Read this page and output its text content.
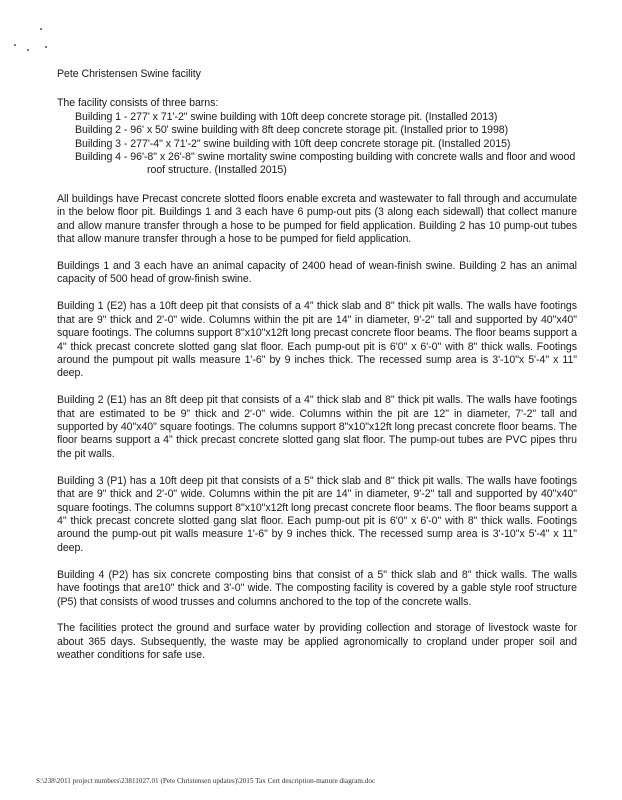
Pete Christensen Swine facility

The facility consists of three barns:

Building 1 - 277' x 71'-2" swine building with 10ft deep concrete storage pit. (Installed 2013)
Building 2 - 96' x 50' swine building with 8ft deep concrete storage pit. (Installed prior to 1998)
Building 3 - 277'-4" x 71'-2" swine building with 10ft deep concrete storage pit. (Installed 2015)
Building 4 - 96'-8" x 26'-8" swine mortality swine composting building with concrete walls and floor and wood roof structure. (Installed 2015)

All buildings have Precast concrete slotted floors enable excreta and wastewater to fall through and accumulate in the below floor pit. Buildings 1 and 3 each have 6 pump-out pits (3 along each sidewall) that collect manure and allow manure transfer through a hose to be pumped for field application. Building 2 has 10 pump-out tubes that allow manure transfer through a hose to be pumped for field application.

Buildings 1 and 3 each have an animal capacity of 2400 head of wean-finish swine. Building 2 has an animal capacity of 500 head of grow-finish swine.

Building 1 (E2) has a 10ft deep pit that consists of a 4" thick slab and 8" thick pit walls. The walls have footings that are 9" thick and 2'-0" wide. Columns within the pit are 14" in diameter, 9'-2" tall and supported by 40"x40" square footings. The columns support 8"x10"x12ft long precast concrete floor beams. The floor beams support a 4" thick precast concrete slotted gang slat floor. Each pump-out pit is 6'0" x 6'-0" with 8" thick walls. Footings around the pumpout pit walls measure 1'-6" by 9 inches thick. The recessed sump area is 3'-10"x 5'-4" x 11" deep.

Building 2 (E1) has an 8ft deep pit that consists of a 4" thick slab and 8" thick pit walls. The walls have footings that are estimated to be 9" thick and 2'-0" wide. Columns within the pit are 12" in diameter, 7'-2" tall and supported by 40"x40" square footings. The columns support 8"x10"x12ft long precast concrete floor beams. The floor beams support a 4" thick precast concrete slotted gang slat floor. The pump-out tubes are PVC pipes thru the pit walls.

Building 3 (P1) has a 10ft deep pit that consists of a 5" thick slab and 8" thick pit walls. The walls have footings that are 9" thick and 2'-0" wide. Columns within the pit are 14" in diameter, 9'-2" tall and supported by 40"x40" square footings. The columns support 8"x10"x12ft long precast concrete floor beams. The floor beams support a 4" thick precast concrete slotted gang slat floor. Each pump-out pit is 6'0" x 6'-0" with 8" thick walls. Footings around the pump-out pit walls measure 1'-6" by 9 inches thick. The recessed sump area is 3'-10"x 5'-4" x 11" deep.

Building 4 (P2) has six concrete composting bins that consist of a 5" thick slab and 8" thick walls. The walls have footings that are10" thick and 3'-0" wide. The composting facility is covered by a gable style roof structure (P5) that consists of wood trusses and columns anchored to the top of the concrete walls.

The facilities protect the ground and surface water by providing collection and storage of livestock waste for about 365 days. Subsequently, the waste may be applied agronomically to cropland under proper soil and weather conditions for safe use.

S:\238\2011 project numbers\23811027.01 (Pete Christensen updates)\2015 Tax Cert description-manure diagram.doc
